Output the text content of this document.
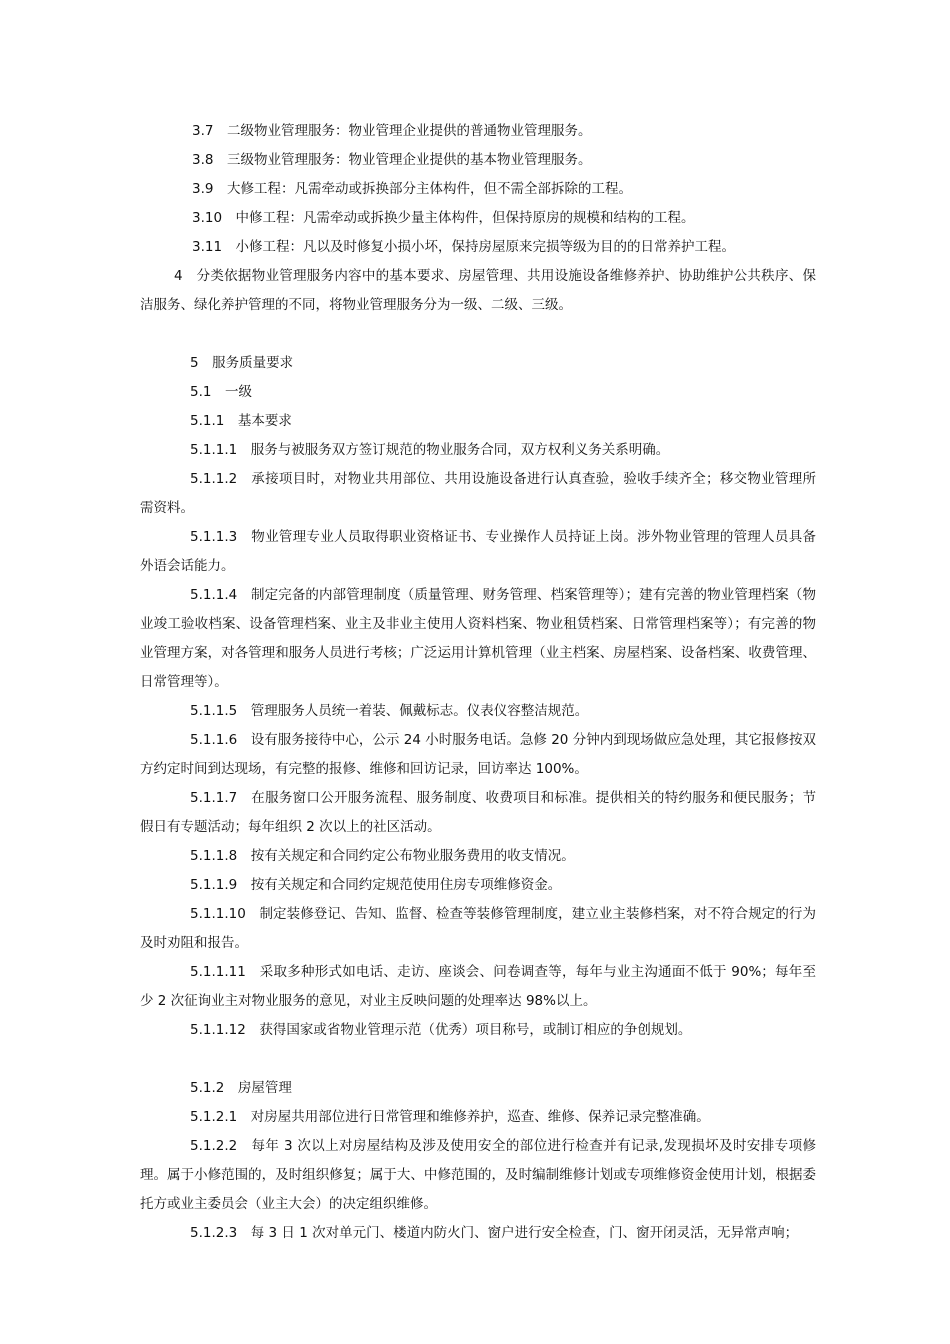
3.7　二级物业管理服务：物业管理企业提供的普通物业管理服务。

3.8　三级物业管理服务：物业管理企业提供的基本物业管理服务。

3.9　大修工程：凡需牵动或拆换部分主体构件，但不需全部拆除的工程。

3.10　中修工程：凡需牵动或拆换少量主体构件，但保持原房的规模和结构的工程。

3.11　小修工程：凡以及时修复小损小坏，保持房屋原来完损等级为目的的日常养护工程。

4　分类依据物业管理服务内容中的基本要求、房屋管理、共用设施设备维修养护、协助维护公共秩序、保洁服务、绿化养护管理的不同，将物业管理服务分为一级、二级、三级。

5　服务质量要求

5.1　一级

5.1.1　基本要求

5.1.1.1　服务与被服务双方签订规范的物业服务合同，双方权利义务关系明确。

5.1.1.2　承接项目时，对物业共用部位、共用设施设备进行认真查验，验收手续齐全；移交物业管理所需资料。

5.1.1.3　物业管理专业人员取得职业资格证书、专业操作人员持证上岗。涉外物业管理的管理人员具备外语会话能力。

5.1.1.4　制定完备的内部管理制度（质量管理、财务管理、档案管理等）；建有完善的物业管理档案（物业竣工验收档案、设备管理档案、业主及非业主使用人资料档案、物业租赁档案、日常管理档案等）；有完善的物业管理方案，对各管理和服务人员进行考核；广泛运用计算机管理（业主档案、房屋档案、设备档案、收费管理、日常管理等）。

5.1.1.5　管理服务人员统一着装、佩戴标志。仪表仪容整洁规范。

5.1.1.6　设有服务接待中心，公示 24 小时服务电话。急修 20 分钟内到现场做应急处理，其它报修按双方约定时间到达现场，有完整的报修、维修和回访记录，回访率达 100%。

5.1.1.7　在服务窗口公开服务流程、服务制度、收费项目和标准。提供相关的特约服务和便民服务；节假日有专题活动；每年组织 2 次以上的社区活动。

5.1.1.8　按有关规定和合同约定公布物业服务费用的收支情况。

5.1.1.9　按有关规定和合同约定规范使用住房专项维修资金。

5.1.1.10　制定装修登记、告知、监督、检查等装修管理制度，建立业主装修档案，对不符合规定的行为及时劝阻和报告。

5.1.1.11　采取多种形式如电话、走访、座谈会、问卷调查等，每年与业主沟通面不低于 90%；每年至少 2 次征询业主对物业服务的意见，对业主反映问题的处理率达 98%以上。

5.1.1.12　获得国家或省物业管理示范（优秀）项目称号，或制订相应的争创规划。

5.1.2　房屋管理

5.1.2.1　对房屋共用部位进行日常管理和维修养护，巡查、维修、保养记录完整准确。

5.1.2.2　每年 3 次以上对房屋结构及涉及使用安全的部位进行检查并有记录,发现损坏及时安排专项修理。属于小修范围的，及时组织修复；属于大、中修范围的，及时编制维修计划或专项维修资金使用计划，根据委托方或业主委员会（业主大会）的决定组织维修。

5.1.2.3　每 3 日 1 次对单元门、楼道内防火门、窗户进行安全检查，门、窗开闭灵活，无异常声响；
